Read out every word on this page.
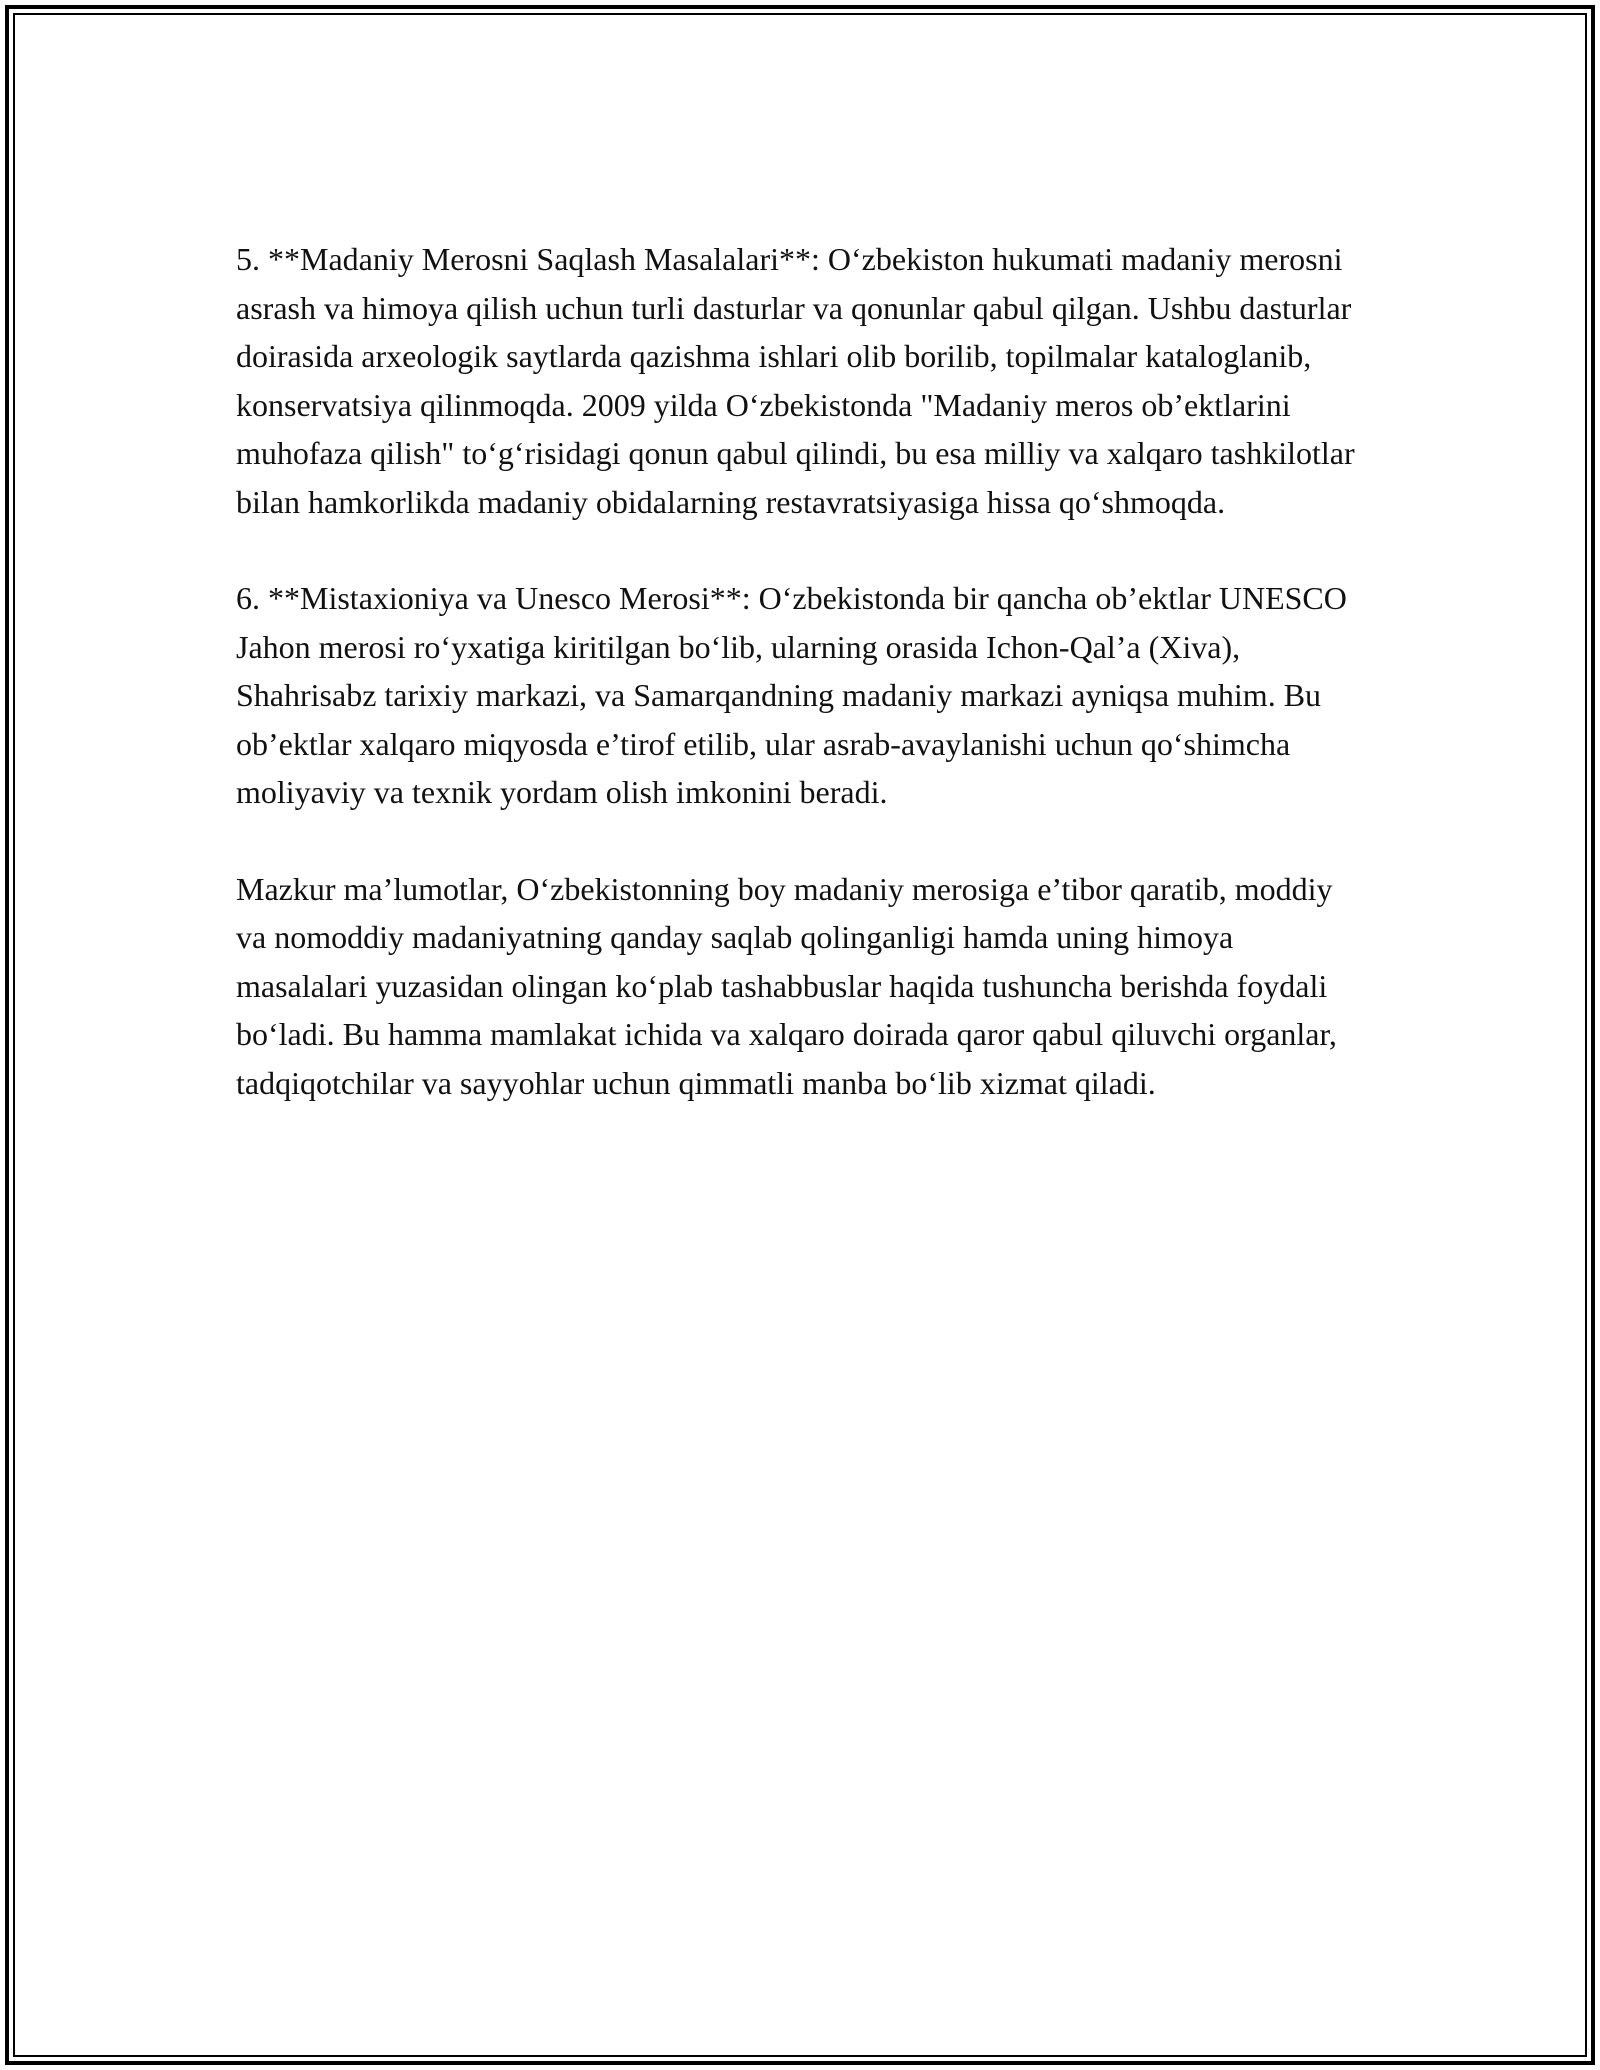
5. **Madaniy Merosni Saqlash Masalalari**: O‘zbekiston hukumati madaniy merosni asrash va himoya qilish uchun turli dasturlar va qonunlar qabul qilgan. Ushbu dasturlar doirasida arxeologik saytlarda qazishma ishlari olib borilib, topilmalar kataloglanib, konservatsiya qilinmoqda. 2009 yilda O‘zbekistonda "Madaniy meros ob’ektlarini muhofaza qilish" to‘g‘risidagi qonun qabul qilindi, bu esa milliy va xalqaro tashkilotlar bilan hamkorlikda madaniy obidalarning restavratsiyasiga hissa qo‘shmoqda.

6. **Mistaxioniya va Unesco Merosi**: O‘zbekistonda bir qancha ob’ektlar UNESCO Jahon merosi ro‘yxatiga kiritilgan bo‘lib, ularning orasida Ichon-Qal’a (Xiva), Shahrisabz tarixiy markazi, va Samarqandning madaniy markazi ayniqsa muhim. Bu ob’ektlar xalqaro miqyosda e’tirof etilib, ular asrab-avaylanishi uchun qo‘shimcha moliyaviy va texnik yordam olish imkonini beradi.

Mazkur ma’lumotlar, O‘zbekistonning boy madaniy merosiga e’tibor qaratib, moddiy va nomoddiy madaniyatning qanday saqlab qolinganligi hamda uning himoya masalalari yuzasidan olingan ko‘plab tashabbuslar haqida tushuncha berishda foydali bo‘ladi. Bu hamma mamlakat ichida va xalqaro doirada qaror qabul qiluvchi organlar, tadqiqotchilar va sayyohlar uchun qimmatli manba bo‘lib xizmat qiladi.
